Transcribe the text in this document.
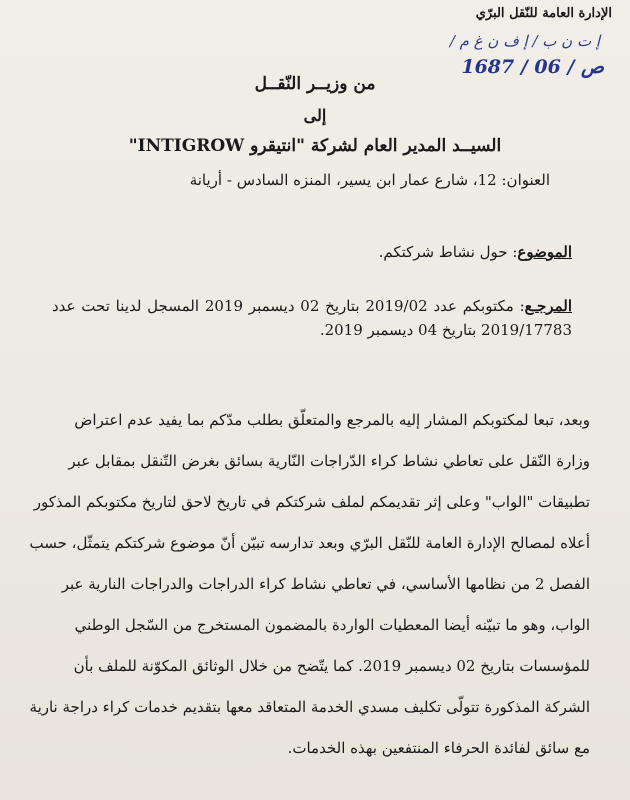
الإدارة العامة للنّقل البرّي
إ ت ن ب / إ ف ن غ م /
1687 / 06 / ص
من وزيــر النّقــل
إلى
السيــد المدير العام لشركة "انتيقرو INTIGROW"
العنوان: 12، شارع عمار ابن يسير، المنزه السادس - أريانة
الموضوع: حول نشاط شركتكم.
المرجـع: مكتوبكم عدد 2019/02 بتاريخ 02 ديسمبر 2019 المسجل لدينا تحت عدد 2019/17783 بتاريخ 04 ديسمبر 2019.
وبعد، تبعا لمكتوبكم المشار إليه بالمرجع والمتعلّق بطلب مدّكم بما يفيد عدم اعتراض
وزارة النّقل على تعاطي نشاط كراء الدّراجات النّارية بسائق بغرض التّنقل بمقابل عبر
تطبيقات "الواب" وعلى إثر تقديمكم لملف شركتكم في تاريخ لاحق لتاريخ مكتوبكم المذكور
أعلاه لمصالح الإدارة العامة للنّقل البرّي وبعد تدارسه تبيّن أنّ موضوع شركتكم يتمثّل، حسب
الفصل 2 من نظامها الأساسي، في تعاطي نشاط كراء الدراجات والدراجات النارية عبر
الواب، وهو ما تبيّنه أيضا المعطيات الواردة بالمضمون المستخرج من السّجل الوطني
للمؤسسات بتاريخ 02 ديسمبر 2019. كما يتّضح من خلال الوثائق المكوّنة للملف بأن
الشركة المذكورة تتولّى تكليف مسدي الخدمة المتعاقد معها بتقديم خدمات كراء دراجة نارية
مع سائق لفائدة الحرفاء المنتفعين بهذه الخدمات.
